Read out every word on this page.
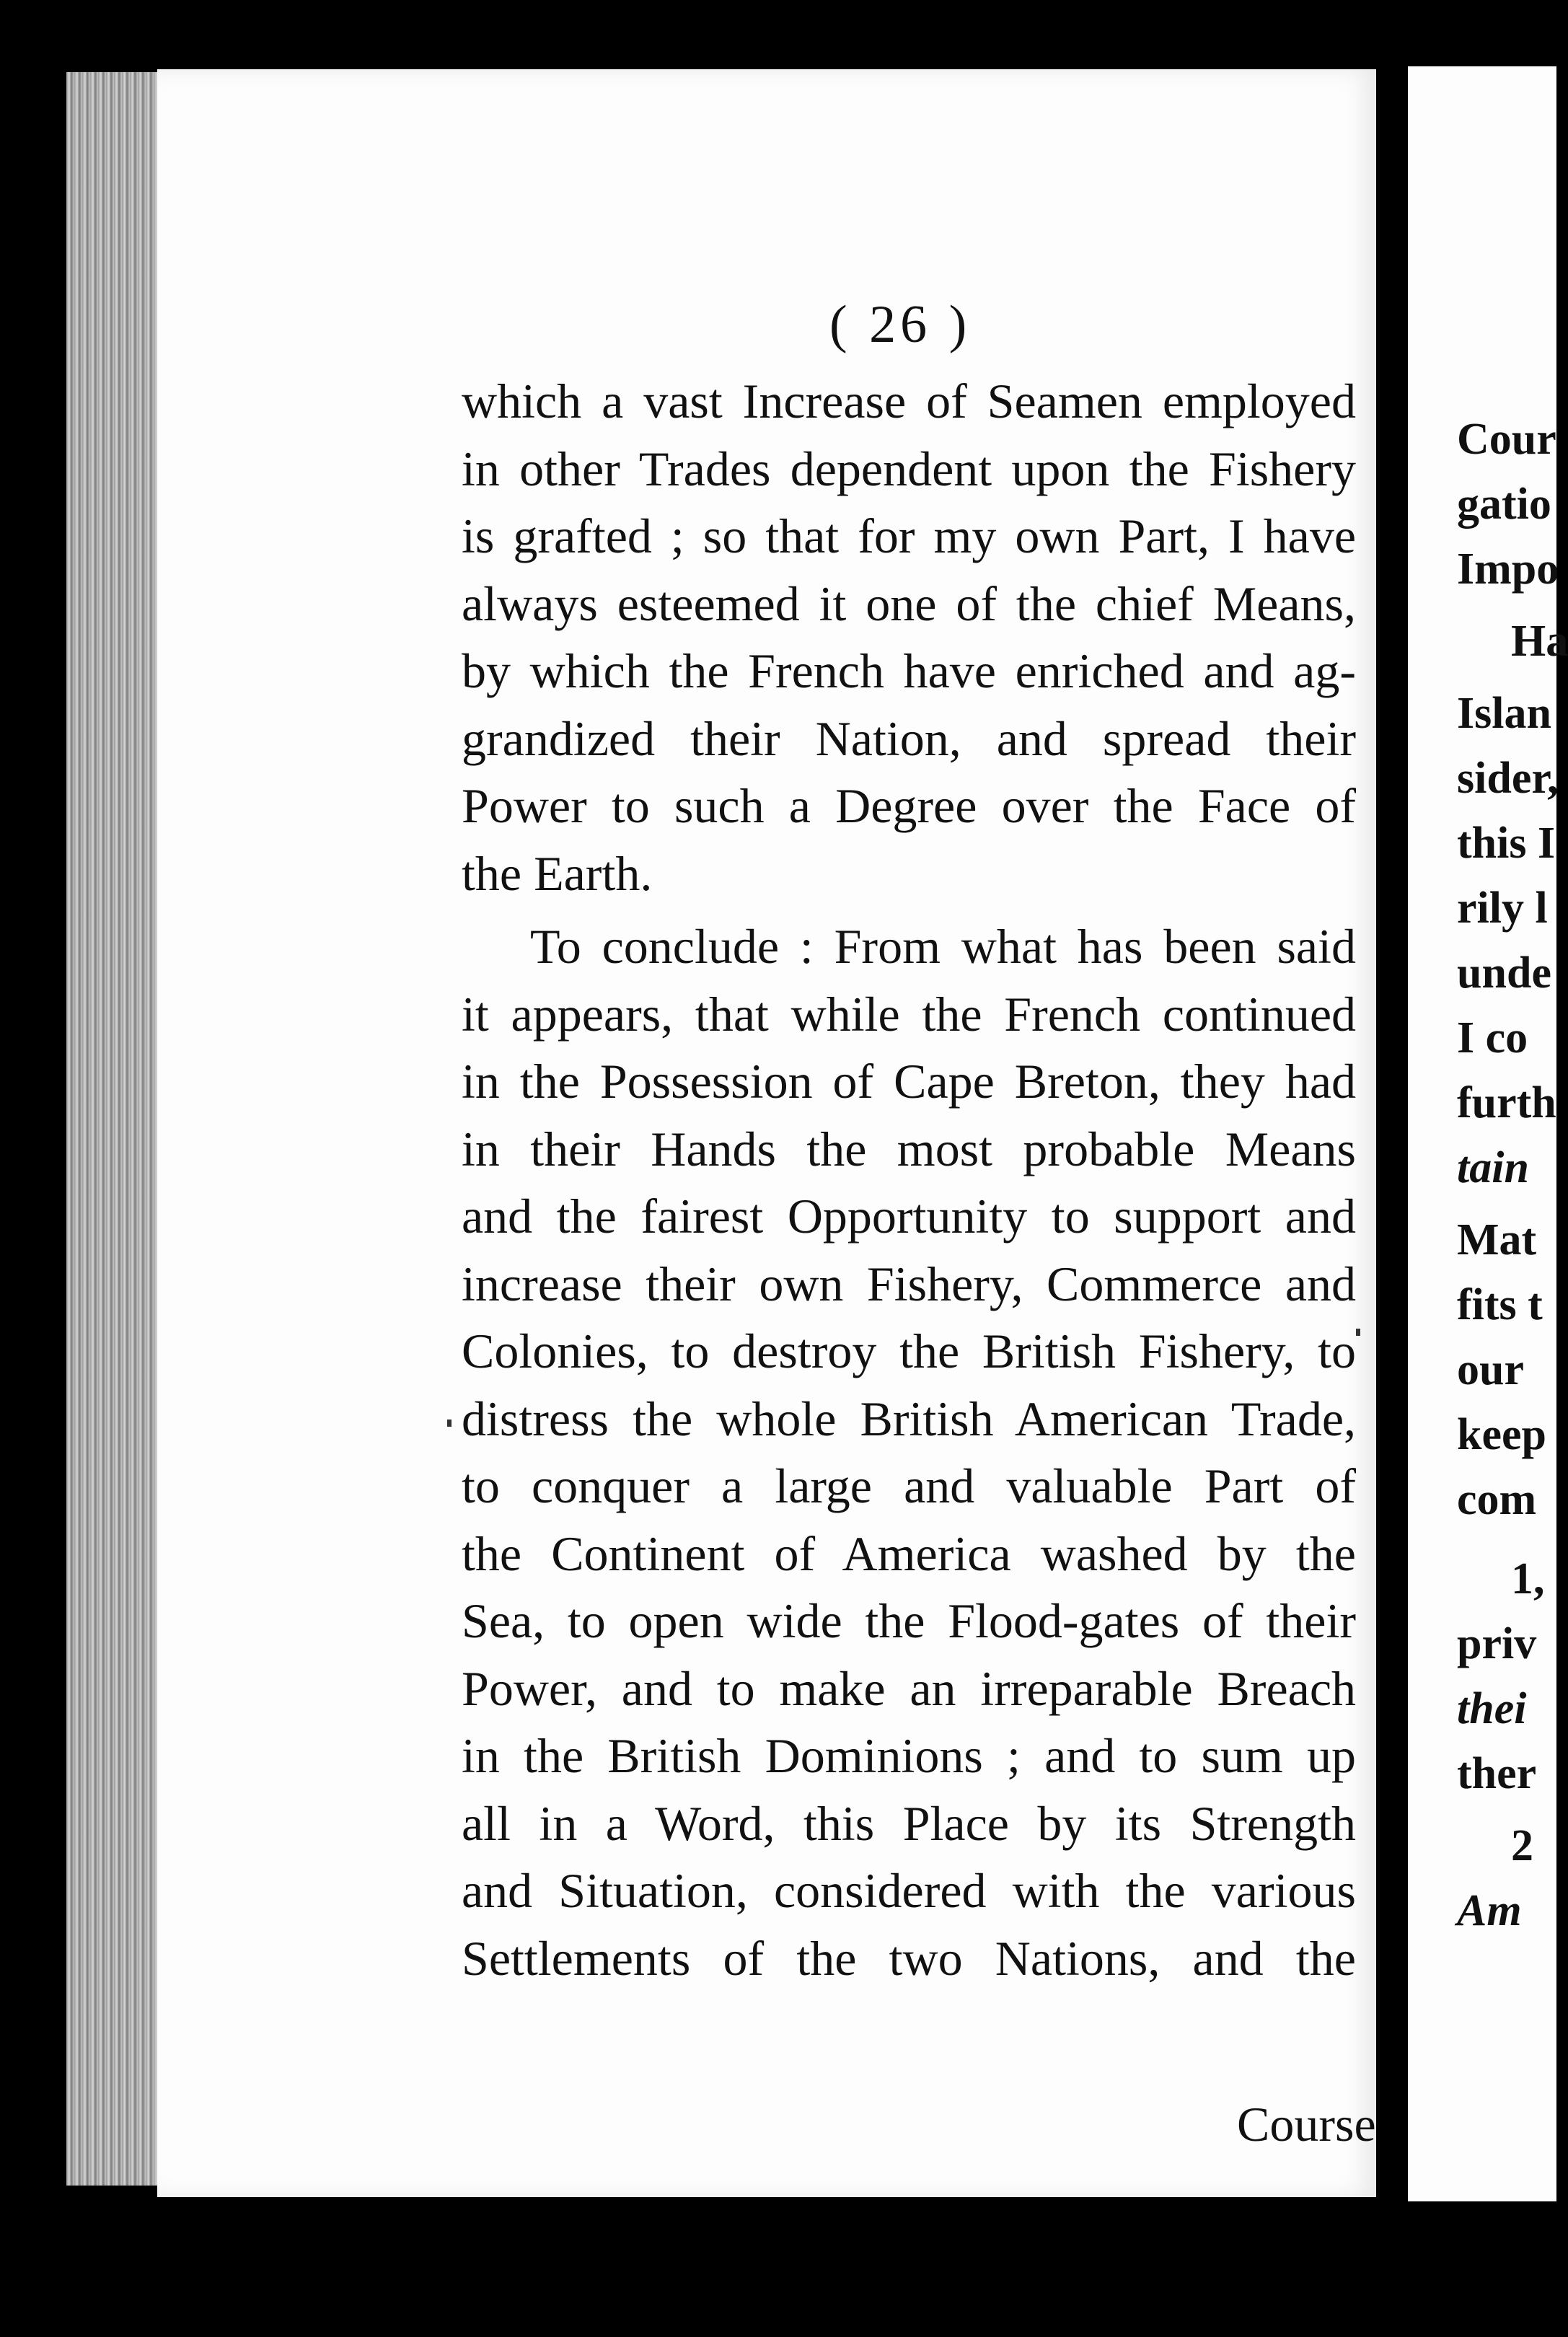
( 26 )
which a vast Increase of Seamen employed
in other Trades dependent upon the Fishery
is grafted ; so that for my own Part, I have
always esteemed it one of the chief Means,
by which the French have enriched and ag-
grandized their Nation, and spread their
Power to such a Degree over the Face of
the Earth.
To conclude : From what has been said
it appears, that while the French continued
in the Possession of Cape Breton, they had
in their Hands the most probable Means
and the fairest Opportunity to support and
increase their own Fishery, Commerce and
Colonies, to destroy the British Fishery, to
distress the whole British American Trade,
to conquer a large and valuable Part of
the Continent of America washed by the
Sea, to open wide the Flood-gates of their
Power, and to make an irreparable Breach
in the British Dominions ; and to sum up
all in a Word, this Place by its Strength
and Situation, considered with the various
Settlements of the two Nations, and the
Course
Cour
gatio
Impo
Ha
Islan
sider,
this I
rily l
unde
I co
furth
tain
Mat
fits t
our
keep
com
1,
priv
thei
ther
2
Am
